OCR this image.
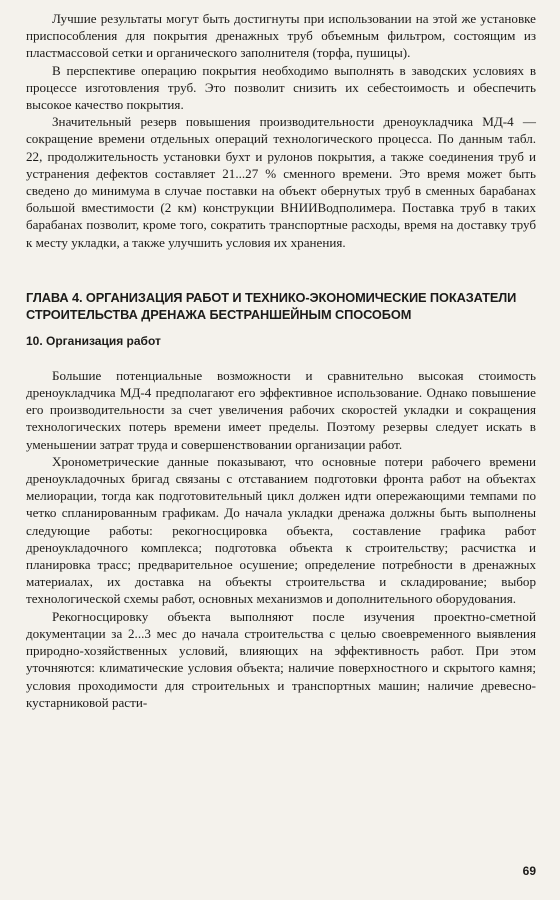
Лучшие результаты могут быть достигнуты при использовании на этой же установке приспособления для покрытия дренажных труб объемным фильтром, состоящим из пластмассовой сетки и органического заполнителя (торфа, пушицы).

В перспективе операцию покрытия необходимо выполнять в заводских условиях в процессе изготовления труб. Это позволит снизить их себестоимость и обеспечить высокое качество покрытия.

Значительный резерв повышения производительности дреноукладчика МД-4 — сокращение времени отдельных операций технологического процесса. По данным табл. 22, продолжительность установки бухт и рулонов покрытия, а также соединения труб и устранения дефектов составляет 21...27 % сменного времени. Это время может быть сведено до минимума в случае поставки на объект обернутых труб в сменных барабанах большой вместимости (2 км) конструкции ВНИИВодполимера. Поставка труб в таких барабанах позволит, кроме того, сократить транспортные расходы, время на доставку труб к месту укладки, а также улучшить условия их хранения.

ГЛАВА 4. ОРГАНИЗАЦИЯ РАБОТ И ТЕХНИКО-ЭКОНОМИЧЕСКИЕ ПОКАЗАТЕЛИ СТРОИТЕЛЬСТВА ДРЕНАЖА БЕСТРАНШЕЙНЫМ СПОСОБОМ
10. Организация работ

Большие потенциальные возможности и сравнительно высокая стоимость дреноукладчика МД-4 предполагают его эффективное использование. Однако повышение его производительности за счет увеличения рабочих скоростей укладки и сокращения технологических потерь времени имеет пределы. Поэтому резервы следует искать в уменьшении затрат труда и совершенствовании организации работ.

Хронометрические данные показывают, что основные потери рабочего времени дреноукладочных бригад связаны с отставанием подготовки фронта работ на объектах мелиорации, тогда как подготовительный цикл должен идти опережающими темпами по четко спланированным графикам. До начала укладки дренажа должны быть выполнены следующие работы: рекогносцировка объекта, составление графика работ дреноукладочного комплекса; подготовка объекта к строительству; расчистка и планировка трасс; предварительное осушение; определение потребности в дренажных материалах, их доставка на объекты строительства и складирование; выбор технологической схемы работ, основных механизмов и дополнительного оборудования.

Рекогносцировку объекта выполняют после изучения проектно-сметной документации за 2...3 мес до начала строительства с целью своевременного выявления природно-хозяйственных условий, влияющих на эффективность работ. При этом уточняются: климатические условия объекта; наличие поверхностного и скрытого камня; условия проходимости для строительных и транспортных машин; наличие древесно-кустарниковой расти-

69
